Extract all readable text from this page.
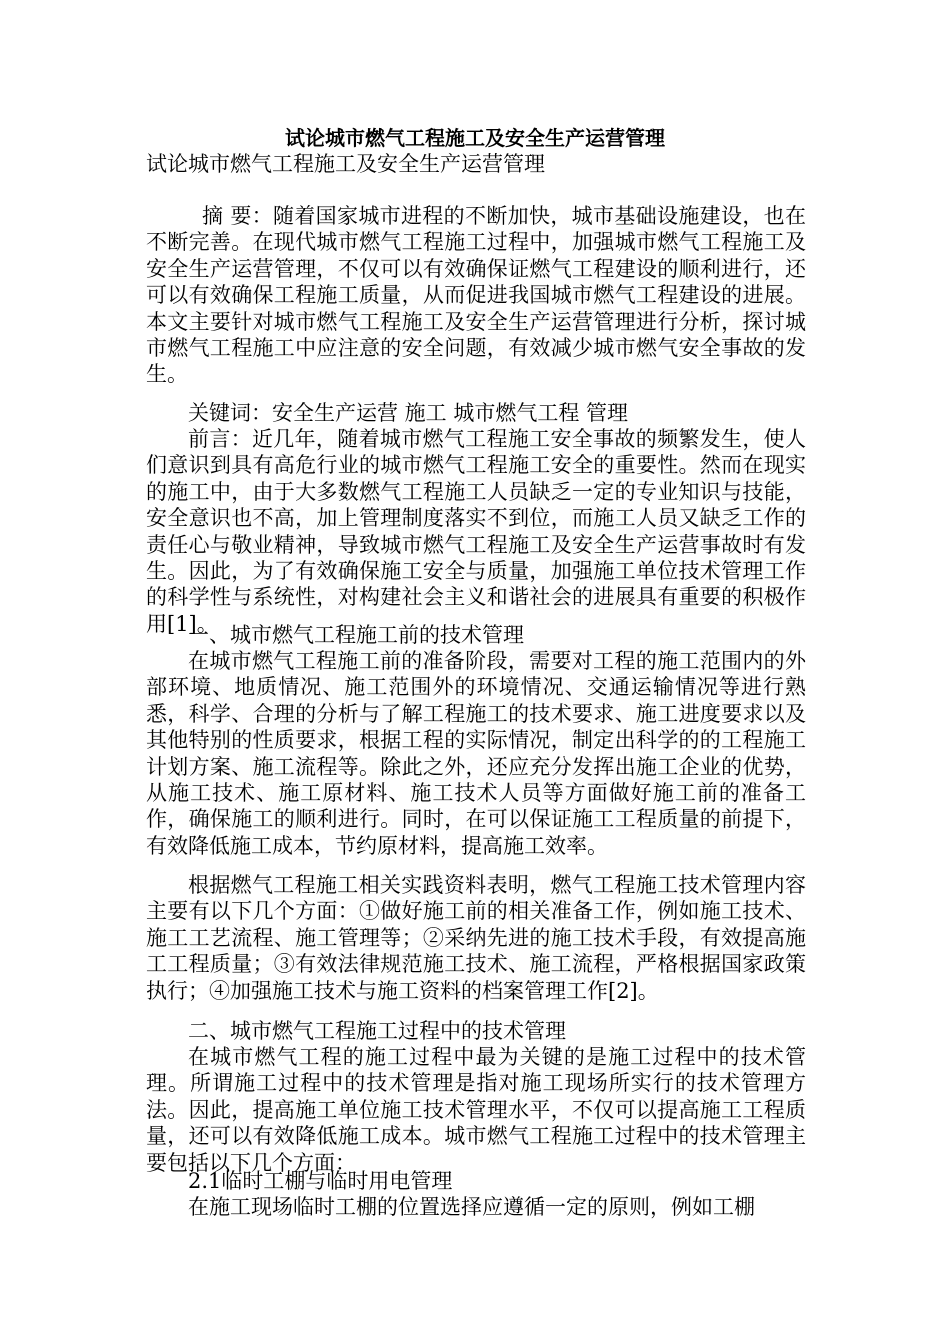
试论城市燃气工程施工及安全生产运营管理

试论城市燃气工程施工及安全生产运营管理

摘 要：随着国家城市进程的不断加快，城市基础设施建设，也在不断完善。在现代城市燃气工程施工过程中，加强城市燃气工程施工及安全生产运营管理，不仅可以有效确保证燃气工程建设的顺利进行，还可以有效确保工程施工质量，从而促进我国城市燃气工程建设的进展。本文主要针对城市燃气工程施工及安全生产运营管理进行分析，探讨城市燃气工程施工中应注意的安全问题，有效减少城市燃气安全事故的发生。

关键词：安全生产运营 施工 城市燃气工程 管理

前言：近几年，随着城市燃气工程施工安全事故的频繁发生，使人们意识到具有高危行业的城市燃气工程施工安全的重要性。然而在现实的施工中，由于大多数燃气工程施工人员缺乏一定的专业知识与技能，安全意识也不高，加上管理制度落实不到位，而施工人员又缺乏工作的责任心与敬业精神，导致城市燃气工程施工及安全生产运营事故时有发生。因此，为了有效确保施工安全与质量，加强施工单位技术管理工作的科学性与系统性，对构建社会主义和谐社会的进展具有重要的积极作用[1]。

一、城市燃气工程施工前的技术管理

在城市燃气工程施工前的准备阶段，需要对工程的施工范围内的外部环境、地质情况、施工范围外的环境情况、交通运输情况等进行熟悉，科学、合理的分析与了解工程施工的技术要求、施工进度要求以及其他特别的性质要求，根据工程的实际情况，制定出科学的的工程施工计划方案、施工流程等。除此之外，还应充分发挥出施工企业的优势，从施工技术、施工原材料、施工技术人员等方面做好施工前的准备工作，确保施工的顺利进行。同时，在可以保证施工工程质量的前提下，有效降低施工成本，节约原材料，提高施工效率。

根据燃气工程施工相关实践资料表明，燃气工程施工技术管理内容主要有以下几个方面：①做好施工前的相关准备工作，例如施工技术、施工工艺流程、施工管理等；②采纳先进的施工技术手段，有效提高施工工程质量；③有效法律规范施工技术、施工流程，严格根据国家政策执行；④加强施工技术与施工资料的档案管理工作[2]。

二、城市燃气工程施工过程中的技术管理

在城市燃气工程的施工过程中最为关键的是施工过程中的技术管理。所谓施工过程中的技术管理是指对施工现场所实行的技术管理方法。因此，提高施工单位施工技术管理水平，不仅可以提高施工工程质量，还可以有效降低施工成本。城市燃气工程施工过程中的技术管理主要包括以下几个方面：

2.1临时工棚与临时用电管理

在施工现场临时工棚的位置选择应遵循一定的原则，例如工棚
